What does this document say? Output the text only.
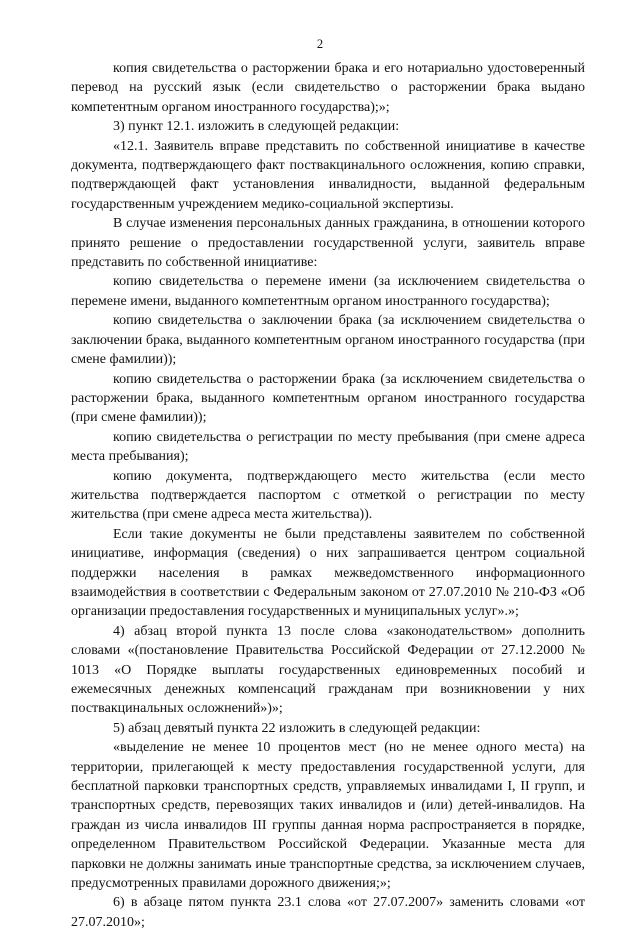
2

копия свидетельства о расторжении брака и его нотариально удостоверенный перевод на русский язык (если свидетельство о расторжении брака выдано компетентным органом иностранного государства);»;

3) пункт 12.1. изложить в следующей редакции:

«12.1. Заявитель вправе представить по собственной инициативе в качестве документа, подтверждающего факт поствакцинального осложнения, копию справки, подтверждающей факт установления инвалидности, выданной федеральным государственным учреждением медико-социальной экспертизы.

В случае изменения персональных данных гражданина, в отношении которого принято решение о предоставлении государственной услуги, заявитель вправе представить по собственной инициативе:

копию свидетельства о перемене имени (за исключением свидетельства о перемене имени, выданного компетентным органом иностранного государства);

копию свидетельства о заключении брака (за исключением свидетельства о заключении брака, выданного компетентным органом иностранного государства (при смене фамилии));

копию свидетельства о расторжении брака (за исключением свидетельства о расторжении брака, выданного компетентным органом иностранного государства (при смене фамилии));

копию свидетельства о регистрации по месту пребывания (при смене адреса места пребывания);

копию документа, подтверждающего место жительства (если место жительства подтверждается паспортом с отметкой о регистрации по месту жительства (при смене адреса места жительства)).

Если такие документы не были представлены заявителем по собственной инициативе, информация (сведения) о них запрашивается центром социальной поддержки населения в рамках межведомственного информационного взаимодействия в соответствии с Федеральным законом от 27.07.2010 № 210-ФЗ «Об организации предоставления государственных и муниципальных услуг».»;

4) абзац второй пункта 13 после слова «законодательством» дополнить словами «(постановление Правительства Российской Федерации от 27.12.2000 № 1013 «О Порядке выплаты государственных единовременных пособий и ежемесячных денежных компенсаций гражданам при возникновении у них поствакцинальных осложнений»)»;

5) абзац девятый пункта 22 изложить в следующей редакции:

«выделение не менее 10 процентов мест (но не менее одного места) на территории, прилегающей к месту предоставления государственной услуги, для бесплатной парковки транспортных средств, управляемых инвалидами I, II групп, и транспортных средств, перевозящих таких инвалидов и (или) детей-инвалидов. На граждан из числа инвалидов III группы данная норма распространяется в порядке, определенном Правительством Российской Федерации. Указанные места для парковки не должны занимать иные транспортные средства, за исключением случаев, предусмотренных правилами дорожного движения;»;

6) в абзаце пятом пункта 23.1 слова «от 27.07.2007» заменить словами «от 27.07.2010»;
